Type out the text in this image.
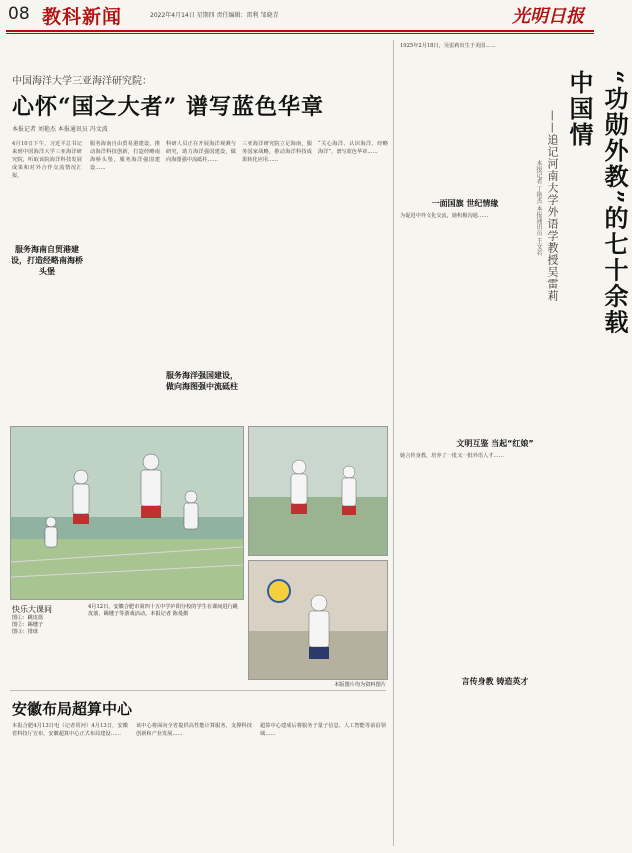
08 教科新闻	2022年4月14日 星期四 责任编辑：雷利 邹晓青	光明日报
中国海洋大学三亚海洋研究院：
心怀“国之大者” 谱写蓝色华章
本报记者 刘艳杰 本报通讯员 冯文波
4月10日下午，习近平总书记来到中国海洋大学三亚海洋研究院，听取该院海洋科技发展成果和对外合作交流情况汇报。
服务海南自贸港建设，打造经略南海桥头堡
服务海南自由贸易港建设，推动海洋科技创新，打造经略南海桥头堡，服务海洋强国建设……
科研人员正在开展海洋观测与研究，助力海洋强国建设，做向海图强中流砥柱……
服务海洋强国建设，做向海图强中流砥柱
三亚海洋研究院立足海南，服务国家战略，推动海洋科技成果转化应用……
“关心海洋、认识海洋、经略海洋”，谱写蓝色华章……
快乐大课间
图①：跳皮筋
图②：踢毽子
图③：排球
4月12日，安徽合肥市第四十五中学庐阳分校的学生在课间进行跳皮筋、踢毽子等游戏活动。本报记者 陈曼摄
本版图片均为资料图片
安徽布局超算中心
本报合肥4月13日电（记者常河）4月13日，安徽省科技厅宣布，安徽超算中心正式布局建设……
该中心将面向全省提供高性能计算服务，支撑科技创新和产业发展……
超算中心建成后将服务于量子信息、人工智能等前沿领域……
1925年2月18日，吴雷莉出生于美国……
“功勋外教”的七十余载中国情
——追记河南大学外语学教授吴雷莉
本报记者 丁艳杰 本报通讯员 王文若
一面国旗 世纪情缘
为促进中外文化交流，她积极沟通……
文明互鉴 当起“红娘”
她言传身教，培养了一批又一批外语人才……
言传身教 铸造英才
